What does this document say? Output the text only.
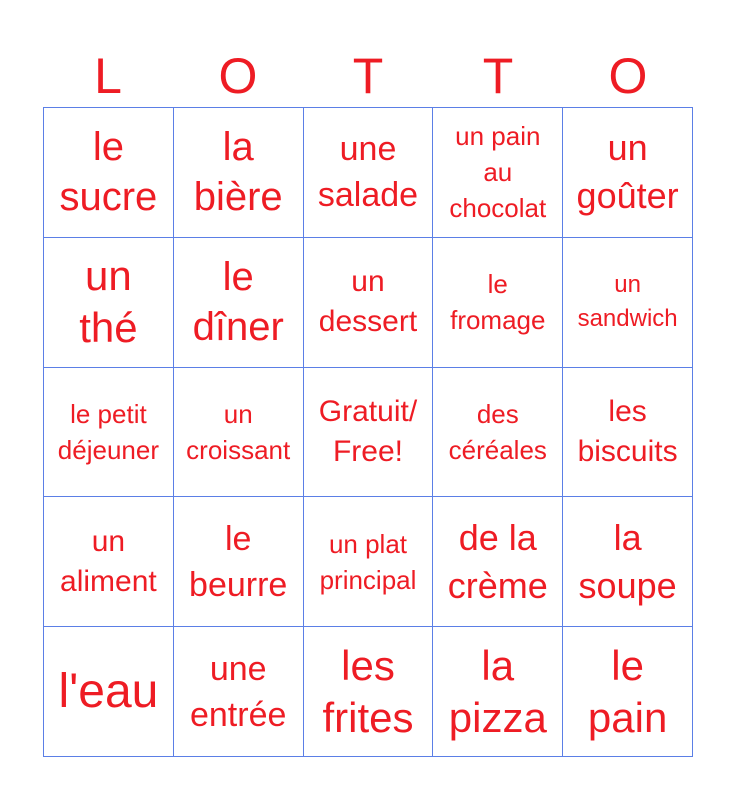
L	O	T	T	O
le
sucre
la
bière
une
salade
un pain
au
chocolat
un
goûter
un
thé
le
dîner
un
dessert
le
fromage
un
sandwich
le petit
déjeuner
un
croissant
Gratuit/
Free!
des
céréales
les
biscuits
un
aliment
le
beurre
un plat
principal
de la
crème
la
soupe
l'eau	une
entrée
les
frites
la
pizza
le
pain
